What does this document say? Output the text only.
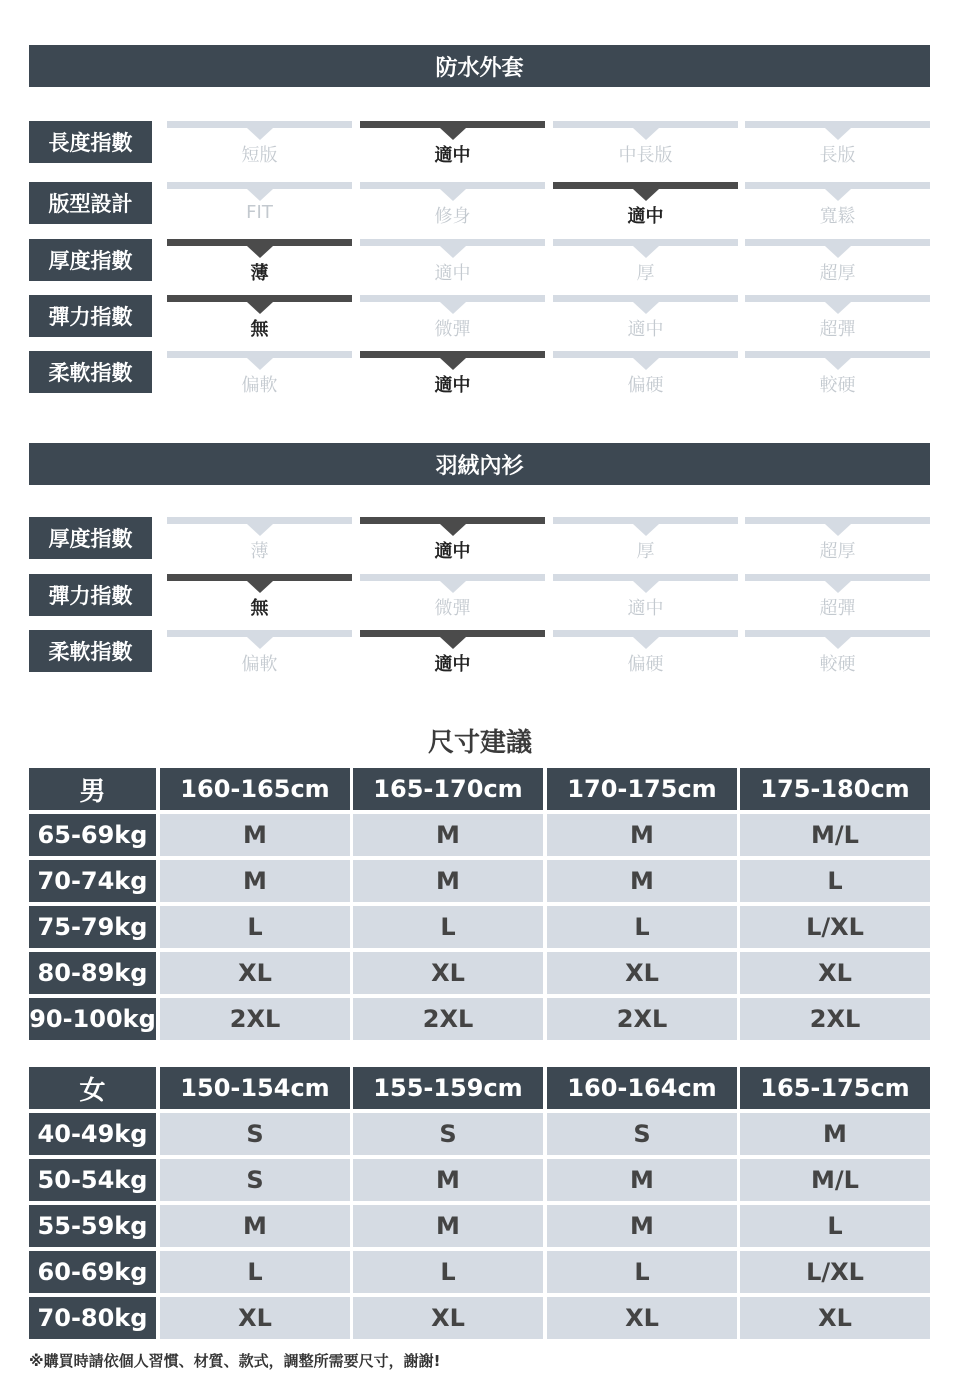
防水外套
長度指數
短版	適中	中長版	長版
版型設計	FIT	修身	適中	寬鬆
厚度指數
薄	適中	厚	超厚
彈力指數
無	微彈	適中	超彈
柔軟指數
偏軟	適中	偏硬	較硬
羽絨內衫
厚度指數
薄	適中	厚	超厚
彈力指數
無	微彈	適中	超彈
柔軟指數
偏軟	適中	偏硬	較硬
尺寸建議
男	160-165cm	165-170cm	170-175cm	175-180cm
65-69kg	M	M	M	M/L
70-74kg	M	M	M	L
75-79kg	L	L	L	L/XL
80-89kg	XL	XL	XL	XL
90-100kg	2XL	2XL	2XL	2XL
女	150-154cm	155-159cm	160-164cm	165-175cm
40-49kg	S	S	S	M
50-54kg	S	M	M	M/L
55-59kg	M	M	M	L
60-69kg	L	L	L	L/XL
70-80kg	XL	XL	XL	XL
※購買時請依個人習慣、材質、款式，調整所需要尺寸，謝謝!
